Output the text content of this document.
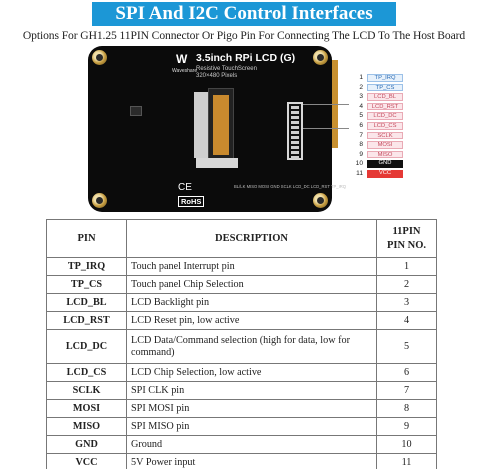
SPI And I2C Control Interfaces
Options For GH1.25 11PIN Connector Or Pigo Pin For Connecting The LCD To The Host Board
W
Waveshare
3.5inch RPi LCD (G)
Resistive TouchScreen
320×480 Pixels
CE
RoHS
BL/LK MISO MOSI GND SCLK LCD_DC LCD_RST TP_IRQ
1	TP_IRQ
2	TP_CS
3	LCD_BL
4	LCD_RST
5	LCD_DC
6	LCD_CS
7	SCLK
8	MOSI
9	MISO
10	GND
11	VCC
PIN	DESCRIPTION	11PIN
PIN NO.

TP_IRQ	Touch panel Interrupt pin	1
TP_CS	Touch panel Chip Selection	2
LCD_BL	LCD Backlight pin	3
LCD_RST	LCD Reset pin, low active	4
LCD_DC	LCD Data/Command selection (high for data, low for command)	5
LCD_CS	LCD Chip Selection, low active	6
SCLK	SPI CLK pin	7
MOSI	SPI MOSI pin	8
MISO	SPI MISO pin	9
GND	Ground	10
VCC	5V Power input	11
